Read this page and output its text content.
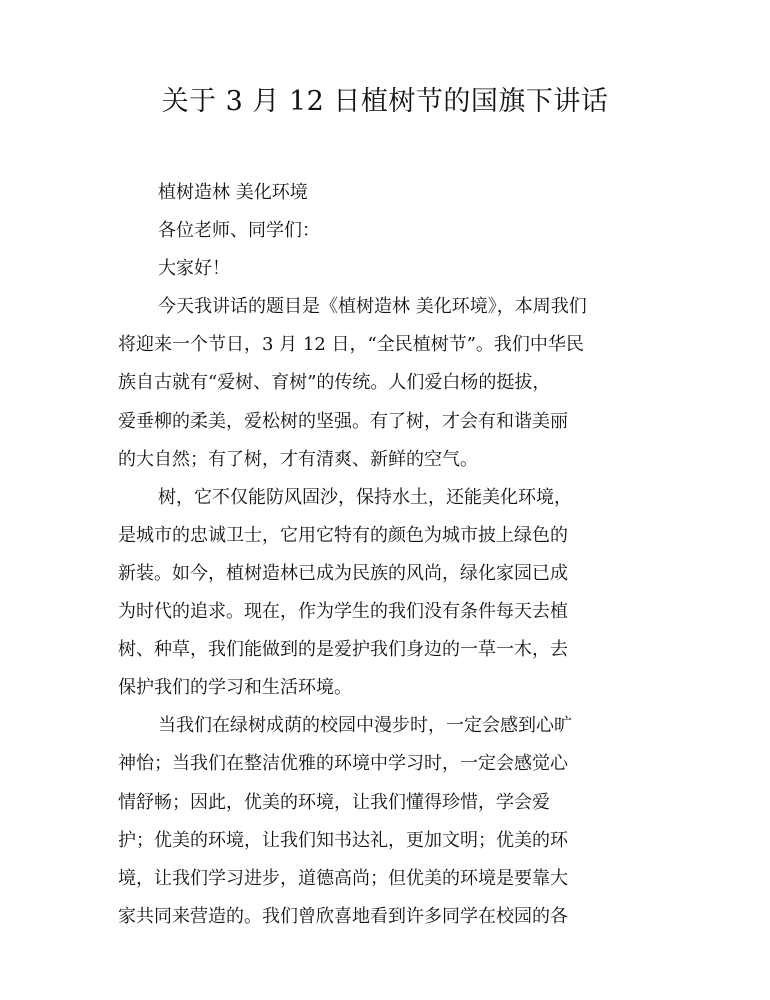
关于 3 月 12 日植树节的国旗下讲话
植树造林 美化环境
各位老师、同学们：
大家好！
今天我讲话的题目是《植树造林 美化环境》，本周我们
将迎来一个节日，3 月 12 日，“全民植树节”。我们中华民
族自古就有“爱树、育树”的传统。人们爱白杨的挺拔，
爱垂柳的柔美，爱松树的坚强。有了树，才会有和谐美丽
的大自然；有了树，才有清爽、新鲜的空气。
树，它不仅能防风固沙，保持水土，还能美化环境，
是城市的忠诚卫士，它用它特有的颜色为城市披上绿色的
新装。如今，植树造林已成为民族的风尚，绿化家园已成
为时代的追求。现在，作为学生的我们没有条件每天去植
树、种草，我们能做到的是爱护我们身边的一草一木，去
保护我们的学习和生活环境。
当我们在绿树成荫的校园中漫步时，一定会感到心旷
神怡；当我们在整洁优雅的环境中学习时，一定会感觉心
情舒畅；因此，优美的环境，让我们懂得珍惜，学会爱
护；优美的环境，让我们知书达礼，更加文明；优美的环
境，让我们学习进步，道德高尚；但优美的环境是要靠大
家共同来营造的。我们曾欣喜地看到许多同学在校园的各
